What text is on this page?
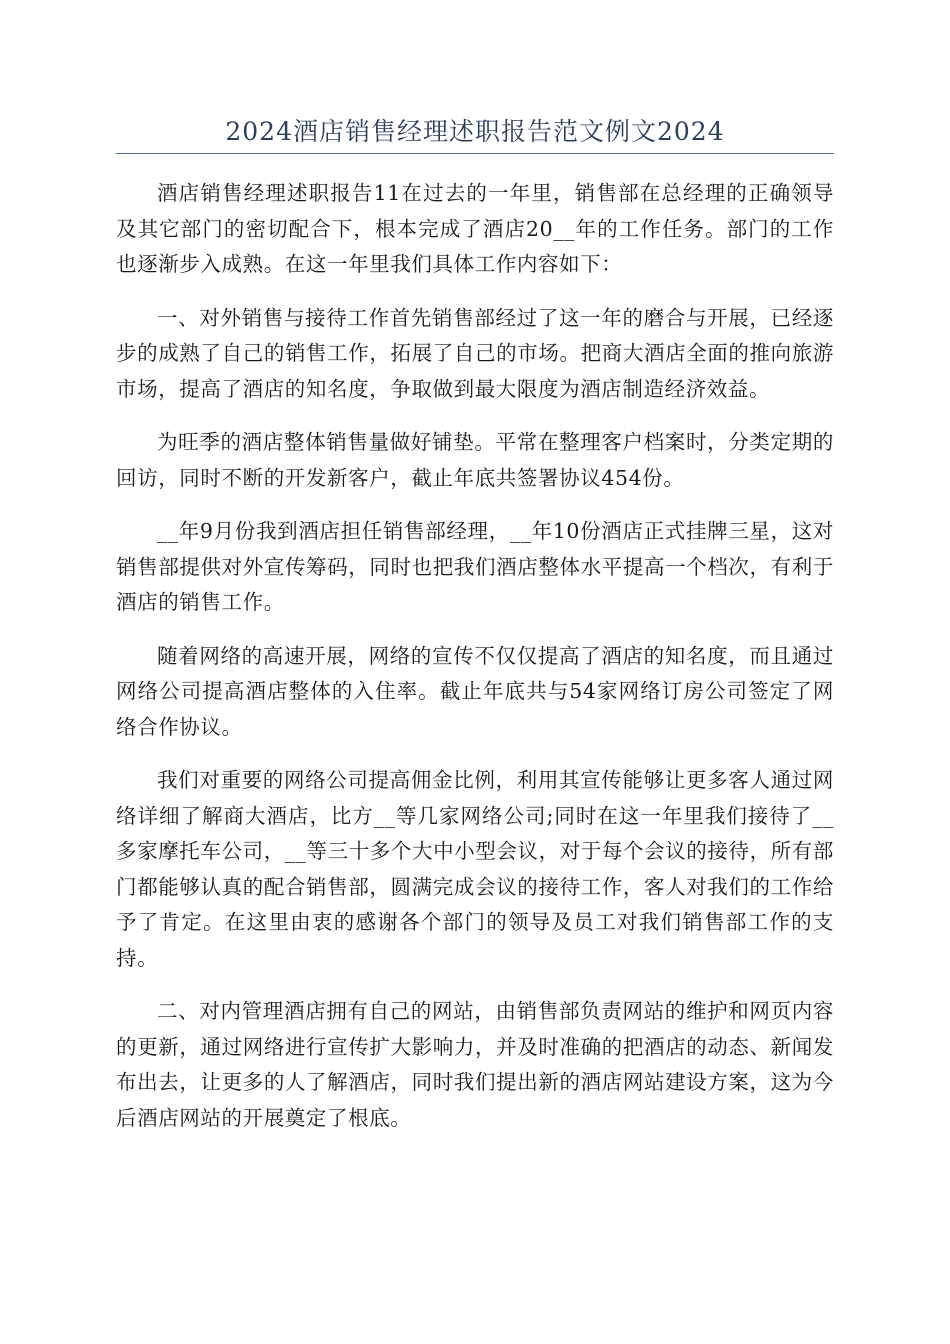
2024酒店销售经理述职报告范文例文2024

酒店销售经理述职报告11在过去的一年里，销售部在总经理的正确领导及其它部门的密切配合下，根本完成了酒店20__年的工作任务。部门的工作也逐渐步入成熟。在这一年里我们具体工作内容如下：

一、对外销售与接待工作首先销售部经过了这一年的磨合与开展，已经逐步的成熟了自己的销售工作，拓展了自己的市场。把商大酒店全面的推向旅游市场，提高了酒店的知名度，争取做到最大限度为酒店制造经济效益。

为旺季的酒店整体销售量做好铺垫。平常在整理客户档案时，分类定期的回访，同时不断的开发新客户，截止年底共签署协议454份。

__年9月份我到酒店担任销售部经理，__年10份酒店正式挂牌三星，这对销售部提供对外宣传筹码，同时也把我们酒店整体水平提高一个档次，有利于酒店的销售工作。

随着网络的高速开展，网络的宣传不仅仅提高了酒店的知名度，而且通过网络公司提高酒店整体的入住率。截止年底共与54家网络订房公司签定了网络合作协议。

我们对重要的网络公司提高佣金比例，利用其宣传能够让更多客人通过网络详细了解商大酒店，比方__等几家网络公司;同时在这一年里我们接待了__多家摩托车公司，__等三十多个大中小型会议，对于每个会议的接待，所有部门都能够认真的配合销售部，圆满完成会议的接待工作，客人对我们的工作给予了肯定。在这里由衷的感谢各个部门的领导及员工对我们销售部工作的支持。

二、对内管理酒店拥有自己的网站，由销售部负责网站的维护和网页内容的更新，通过网络进行宣传扩大影响力，并及时准确的把酒店的动态、新闻发布出去，让更多的人了解酒店，同时我们提出新的酒店网站建设方案，这为今后酒店网站的开展奠定了根底。
